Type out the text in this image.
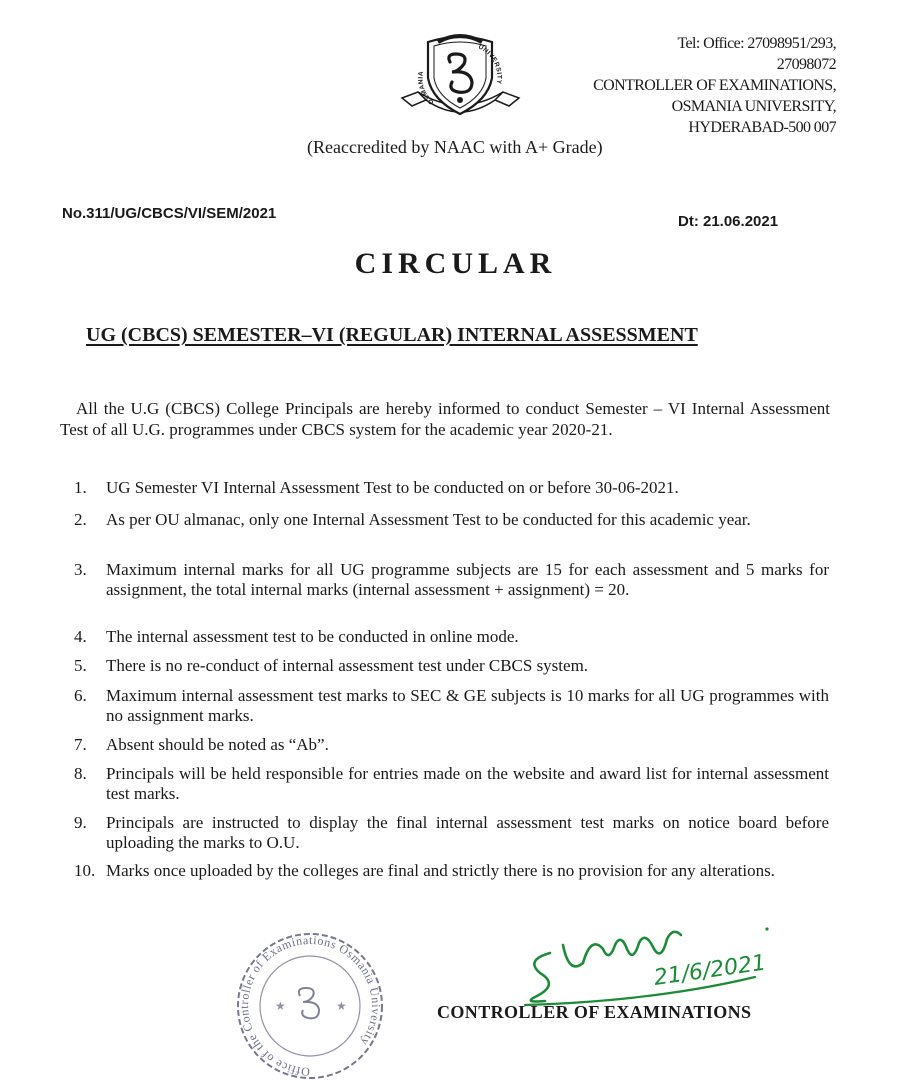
OSMANIA
UNIVERSITY
Tel: Office: 27098951/293,
27098072
CONTROLLER OF EXAMINATIONS,
OSMANIA UNIVERSITY,
HYDERABAD-500 007
(Reaccredited by NAAC with A+ Grade)
No.311/UG/CBCS/VI/SEM/2021	Dt: 21.06.2021
CIRCULAR
UG (CBCS) SEMESTER–VI (REGULAR) INTERNAL ASSESSMENT

All the U.G (CBCS) College Principals are hereby informed to conduct Semester – VI Internal Assessment Test of all U.G. programmes under CBCS system for the academic year 2020-21.

1.	UG Semester VI Internal Assessment Test to be conducted on or before 30-06-2021.
2.	As per OU almanac, only one Internal Assessment Test to be conducted for this academic year.
3.	Maximum internal marks for all UG programme subjects are 15 for each assessment and 5 marks for assignment, the total internal marks (internal assessment + assignment) = 20.
4.	The internal assessment test to be conducted in online mode.
5.	There is no re-conduct of internal assessment test under CBCS system.
6.	Maximum internal assessment test marks to SEC & GE subjects is 10 marks for all UG programmes with no assignment marks.
7.	Absent should be noted as “Ab”.
8.	Principals will be held responsible for entries made on the website and award list for internal assessment test marks.
9.	Principals are instructed to display the final internal assessment test marks on notice board before uploading the marks to O.U.
10. Marks once uploaded by the colleges are final and strictly there is no provision for any alterations.
Office of the Controller of Examinations Osmania University
★	★
21/6/2021
CONTROLLER OF EXAMINATIONS
